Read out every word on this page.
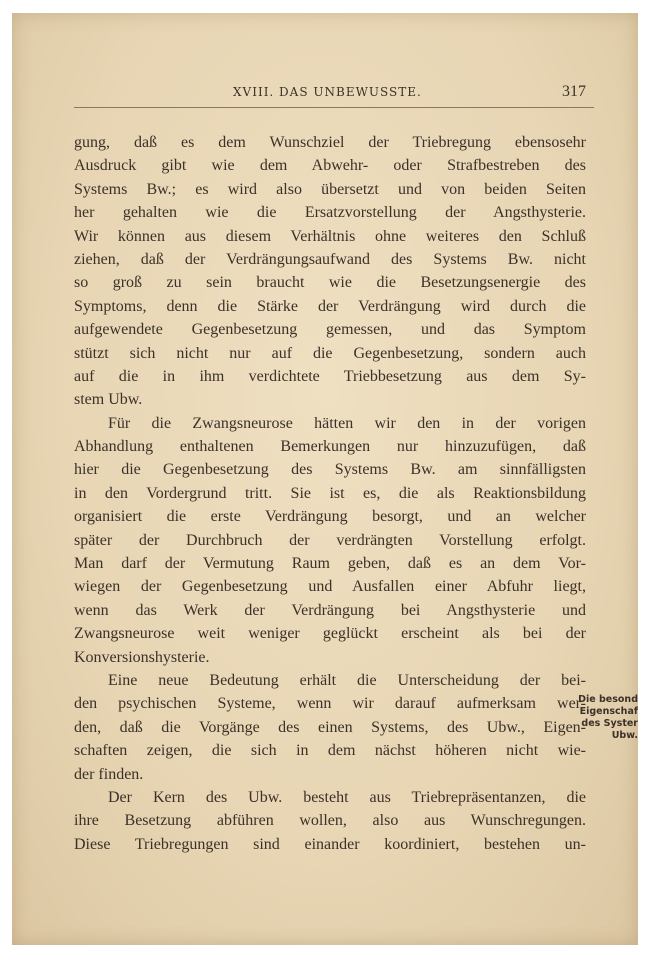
XVIII. DAS UNBEWUSSTE.	317
gung, daß es dem Wunschziel der Triebregung ebensosehr
Ausdruck gibt wie dem Abwehr- oder Strafbestreben des
Systems Bw.; es wird also übersetzt und von beiden Seiten
her gehalten wie die Ersatzvorstellung der Angsthysterie.
Wir können aus diesem Verhältnis ohne weiteres den Schluß
ziehen, daß der Verdrängungsaufwand des Systems Bw. nicht
so groß zu sein braucht wie die Besetzungsenergie des
Symptoms, denn die Stärke der Verdrängung wird durch die
aufgewendete Gegenbesetzung gemessen, und das Symptom
stützt sich nicht nur auf die Gegenbesetzung, sondern auch
auf die in ihm verdichtete Triebbesetzung aus dem Sy-
stem Ubw.
Für die Zwangsneurose hätten wir den in der vorigen
Abhandlung enthaltenen Bemerkungen nur hinzuzufügen, daß
hier die Gegenbesetzung des Systems Bw. am sinnfälligsten
in den Vordergrund tritt. Sie ist es, die als Reaktionsbildung
organisiert die erste Verdrängung besorgt, und an welcher
später der Durchbruch der verdrängten Vorstellung erfolgt.
Man darf der Vermutung Raum geben, daß es an dem Vor-
wiegen der Gegenbesetzung und Ausfallen einer Abfuhr liegt,
wenn das Werk der Verdrängung bei Angsthysterie und
Zwangsneurose weit weniger geglückt erscheint als bei der
Konversionshysterie.
Eine neue Bedeutung erhält die Unterscheidung der bei-
den psychischen Systeme, wenn wir darauf aufmerksam wer-
den, daß die Vorgänge des einen Systems, des Ubw., Eigen-
schaften zeigen, die sich in dem nächst höheren nicht wie-
der finden.
Der Kern des Ubw. besteht aus Triebrepräsentanzen, die
ihre Besetzung abführen wollen, also aus Wunschregungen.
Diese Triebregungen sind einander koordiniert, bestehen un-
Die besond
Eigenschaf
des Syster
Ubw.
